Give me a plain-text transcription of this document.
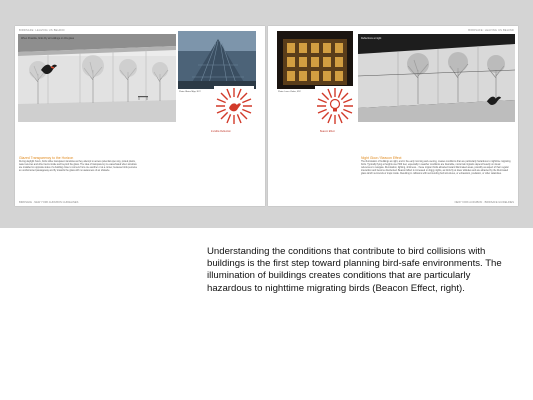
BIRDSAFE: LEAVING US BEHIND
When Possible, birds Fly at buildings on this glass
Photo: Blaine Mlyn, NYC
Invisible Reflection
Glazed Transparency to the Horizon
During daylight hours, birds strike transparent windows as they attempt to access potential open sky, potted plants, water sources and other items inside and beyond the glass. The idea of transparency is exacerbated when windows are installed on opposite sides of a building close to corners from one another or at a corner, because birds perceive an unobstructed passageway and fly towards the glass with no awareness of an obstacle.
BIRDSAFE · NEW YORK AUDUBON GUIDELINES
BIRDSAFE: LEAVING US BEHIND
Photo: Laura Clarke, NYC
Beacon Effect
Reflections at night
Night Glow / Beacon Effect
The illumination of buildings at night, and in the early morning and evening, creates conditions that are particularly hazardous to nighttime migrating birds. Typically flying at heights over 500 feet, especially in weather conditions are favorable, nocturnal migrants depend heavily on visual references to navigate. Illumination, lighting, shininess... these migrant birds attracted toward illuminated areas, possibly as aspect of their regular interaction and become disoriented. Beacon Effect is increased on foggy nights, as birds fly at lower altitudes and are attracted by the illuminated glass which surrounds or traps inside. Resulting in collisions with surrounding built structures, or exhaustion, predation, or other calamities.
NEW YORK AUDUBON · BIRDSAFE GUIDELINES
Understanding the conditions that contribute to bird collisions with buildings is the first step toward planning bird-safe environments. The illumination of buildings creates conditions that are particularly hazardous to nighttime migrating birds (Beacon Effect, right).
